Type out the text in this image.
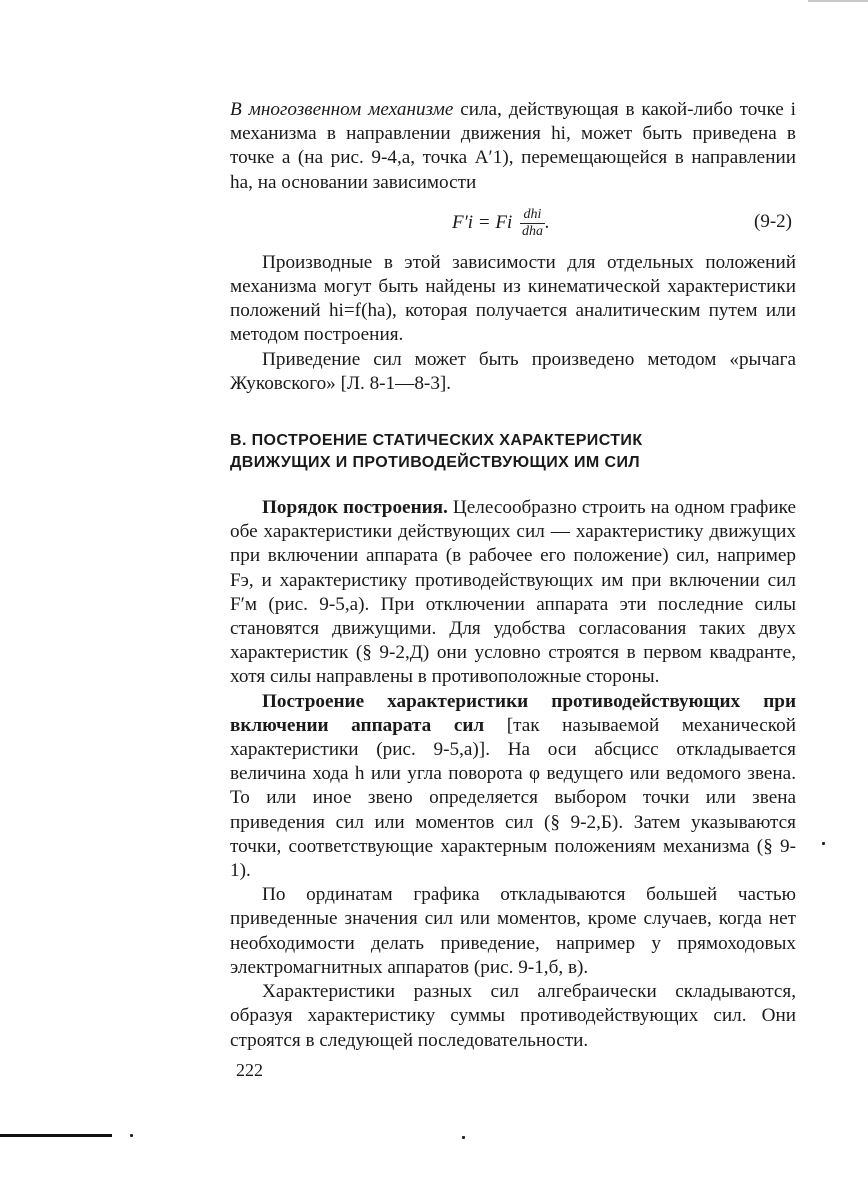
В многозвенном механизме сила, действующая в какой-либо точке i механизма в направлении движения hi, может быть приведена в точке a (на рис. 9-4,а, точка A′1), перемещающейся в направлении ha, на основании зависимости

F′i = Fi $\frac{\text{dhi}}{\text{dha}}$ .	(9-2)

Производные в этой зависимости для отдельных положений механизма могут быть найдены из кинематической характеристики положений hi=f(ha), которая получается аналитическим путем или методом построения.

Приведение сил может быть произведено методом «рычага Жуковского» [Л. 8-1—8-3].

В. ПОСТРОЕНИЕ СТАТИЧЕСКИХ ХАРАКТЕРИСТИК
ДВИЖУЩИХ И ПРОТИВОДЕЙСТВУЮЩИХ ИМ СИЛ

Порядок построения. Целесообразно строить на одном графике обе характеристики действующих сил — характеристику движущих при включении аппарата (в рабочее его положение) сил, например Fэ, и характеристику противодействующих им при включении сил F′м (рис. 9-5,а). При отключении аппарата эти последние силы становятся движущими. Для удобства согласования таких двух характеристик (§ 9-2,Д) они условно строятся в первом квадранте, хотя силы направлены в противоположные стороны.

Построение характеристики противодействующих при включении аппарата сил [так называемой механической характеристики (рис. 9-5,а)]. На оси абсцисс откладывается величина хода h или угла поворота φ ведущего или ведомого звена. То или иное звено определяется выбором точки или звена приведения сил или моментов сил (§ 9-2,Б). Затем указываются точки, соответствующие характерным положениям механизма (§ 9-1).

По ординатам графика откладываются большей частью приведенные значения сил или моментов, кроме случаев, когда нет необходимости делать приведение, например у прямоходовых электромагнитных аппаратов (рис. 9-1,б, в).

Характеристики разных сил алгебраически складываются, образуя характеристику суммы противодействующих сил. Они строятся в следующей последовательности.

222
